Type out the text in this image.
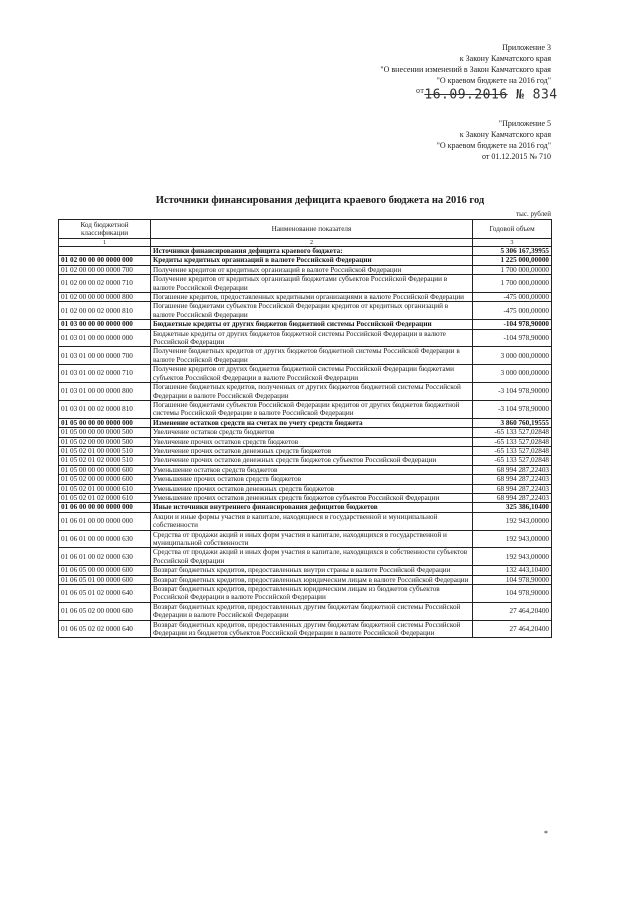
Приложение 3
к Закону Камчатского края
"О внесении изменений в Закон Камчатского края
"О краевом бюджете на 2016 год"
$^{от}$16.09.2016 № 834
"Приложение 5
к Закону Камчатского края
"О краевом бюджете на 2016 год"
от 01.12.2015 № 710
Источники финансирования дефицита краевого бюджета на 2016 год
тыс. рублей
Код бюджетной классификации	Наименование показателя	Годовой объем
1	2	3
	Источники финансирования дефицита краевого бюджета:	5 306 167,39955
01 02 00 00 00 0000 000	Кредиты кредитных организаций в валюте Российской Федерации	1 225 000,00000
01 02 00 00 00 0000 700	Получение кредитов от кредитных организаций в валюте Российской Федерации	1 700 000,00000
01 02 00 00 02 0000 710	Получение кредитов от кредитных организаций бюджетами субъектов Российской Федерации в валюте Российской Федерации	1 700 000,00000
01 02 00 00 00 0000 800	Погашение кредитов, предоставленных кредитными организациями в валюте Российской Федерации	-475 000,00000
01 02 00 00 02 0000 810	Погашение бюджетами субъектов Российской Федерации кредитов от кредитных организаций в валюте Российской Федерации	-475 000,00000
01 03 00 00 00 0000 000	Бюджетные кредиты от других бюджетов бюджетной системы Российской Федерации	-104 978,90000
01 03 01 00 00 0000 000	Бюджетные кредиты от других бюджетов бюджетной системы Российской Федерации в валюте Российской Федерации	-104 978,90000
01 03 01 00 00 0000 700	Получение бюджетных кредитов от других бюджетов бюджетной системы Российской Федерации в валюте Российской Федерации	3 000 000,00000
01 03 01 00 02 0000 710	Получение кредитов от других бюджетов бюджетной системы Российской Федерации бюджетами субъектов Российской Федерации в валюте Российской Федерации	3 000 000,00000
01 03 01 00 00 0000 800	Погашение бюджетных кредитов, полученных от других бюджетов бюджетной системы Российской Федерации в валюте Российской Федерации	-3 104 978,90000
01 03 01 00 02 0000 810	Погашение бюджетами субъектов Российской Федерации кредитов от других бюджетов бюджетной системы Российской Федерации в валюте Российской Федерации	-3 104 978,90000
01 05 00 00 00 0000 000	Изменение остатков средств на счетах по учету средств бюджета	3 860 760,19555
01 05 00 00 00 0000 500	Увеличение остатков средств бюджетов	-65 133 527,02848
01 05 02 00 00 0000 500	Увеличение прочих остатков средств бюджетов	-65 133 527,02848
01 05 02 01 00 0000 510	Увеличение прочих остатков денежных средств бюджетов	-65 133 527,02848
01 05 02 01 02 0000 510	Увеличение прочих остатков денежных средств бюджетов субъектов Российской Федерации	-65 133 527,02848
01 05 00 00 00 0000 600	Уменьшение остатков средств бюджетов	68 994 287,22403
01 05 02 00 00 0000 600	Уменьшение прочих остатков средств бюджетов	68 994 287,22403
01 05 02 01 00 0000 610	Уменьшение прочих остатков денежных средств бюджетов	68 994 287,22403
01 05 02 01 02 0000 610	Уменьшение прочих остатков денежных средств бюджетов субъектов Российской Федерации	68 994 287,22403
01 06 00 00 00 0000 000	Иные источники внутреннего финансирования дефицитов бюджетов	325 386,10400
01 06 01 00 00 0000 000	Акции и иные формы участия в капитале, находящиеся в государственной и муниципальной собственности	192 943,00000
01 06 01 00 00 0000 630	Средства от продажи акций и иных форм участия в капитале, находящихся в государственной и муниципальной собственности	192 943,00000
01 06 01 00 02 0000 630	Средства от продажи акций и иных форм участия в капитале, находящихся в собственности субъектов Российской Федерации	192 943,00000
01 06 05 00 00 0000 600	Возврат бюджетных кредитов, предоставленных внутри страны в валюте Российской Федерации	132 443,10400
01 06 05 01 00 0000 600	Возврат бюджетных кредитов, предоставленных юридическим лицам в валюте Российской Федерации	104 978,90000
01 06 05 01 02 0000 640	Возврат бюджетных кредитов, предоставленных юридическим лицам из бюджетов субъектов Российской Федерации в валюте Российской Федерации	104 978,90000
01 06 05 02 00 0000 600	Возврат бюджетных кредитов, предоставленных другим бюджетам бюджетной системы Российской Федерации в валюте Российской Федерации	27 464,20400
01 06 05 02 02 0000 640	Возврат бюджетных кредитов, предоставленных другим бюджетам бюджетной системы Российской Федерации из бюджетов субъектов Российской Федерации в валюте Российской Федерации	27 464,20400
*
